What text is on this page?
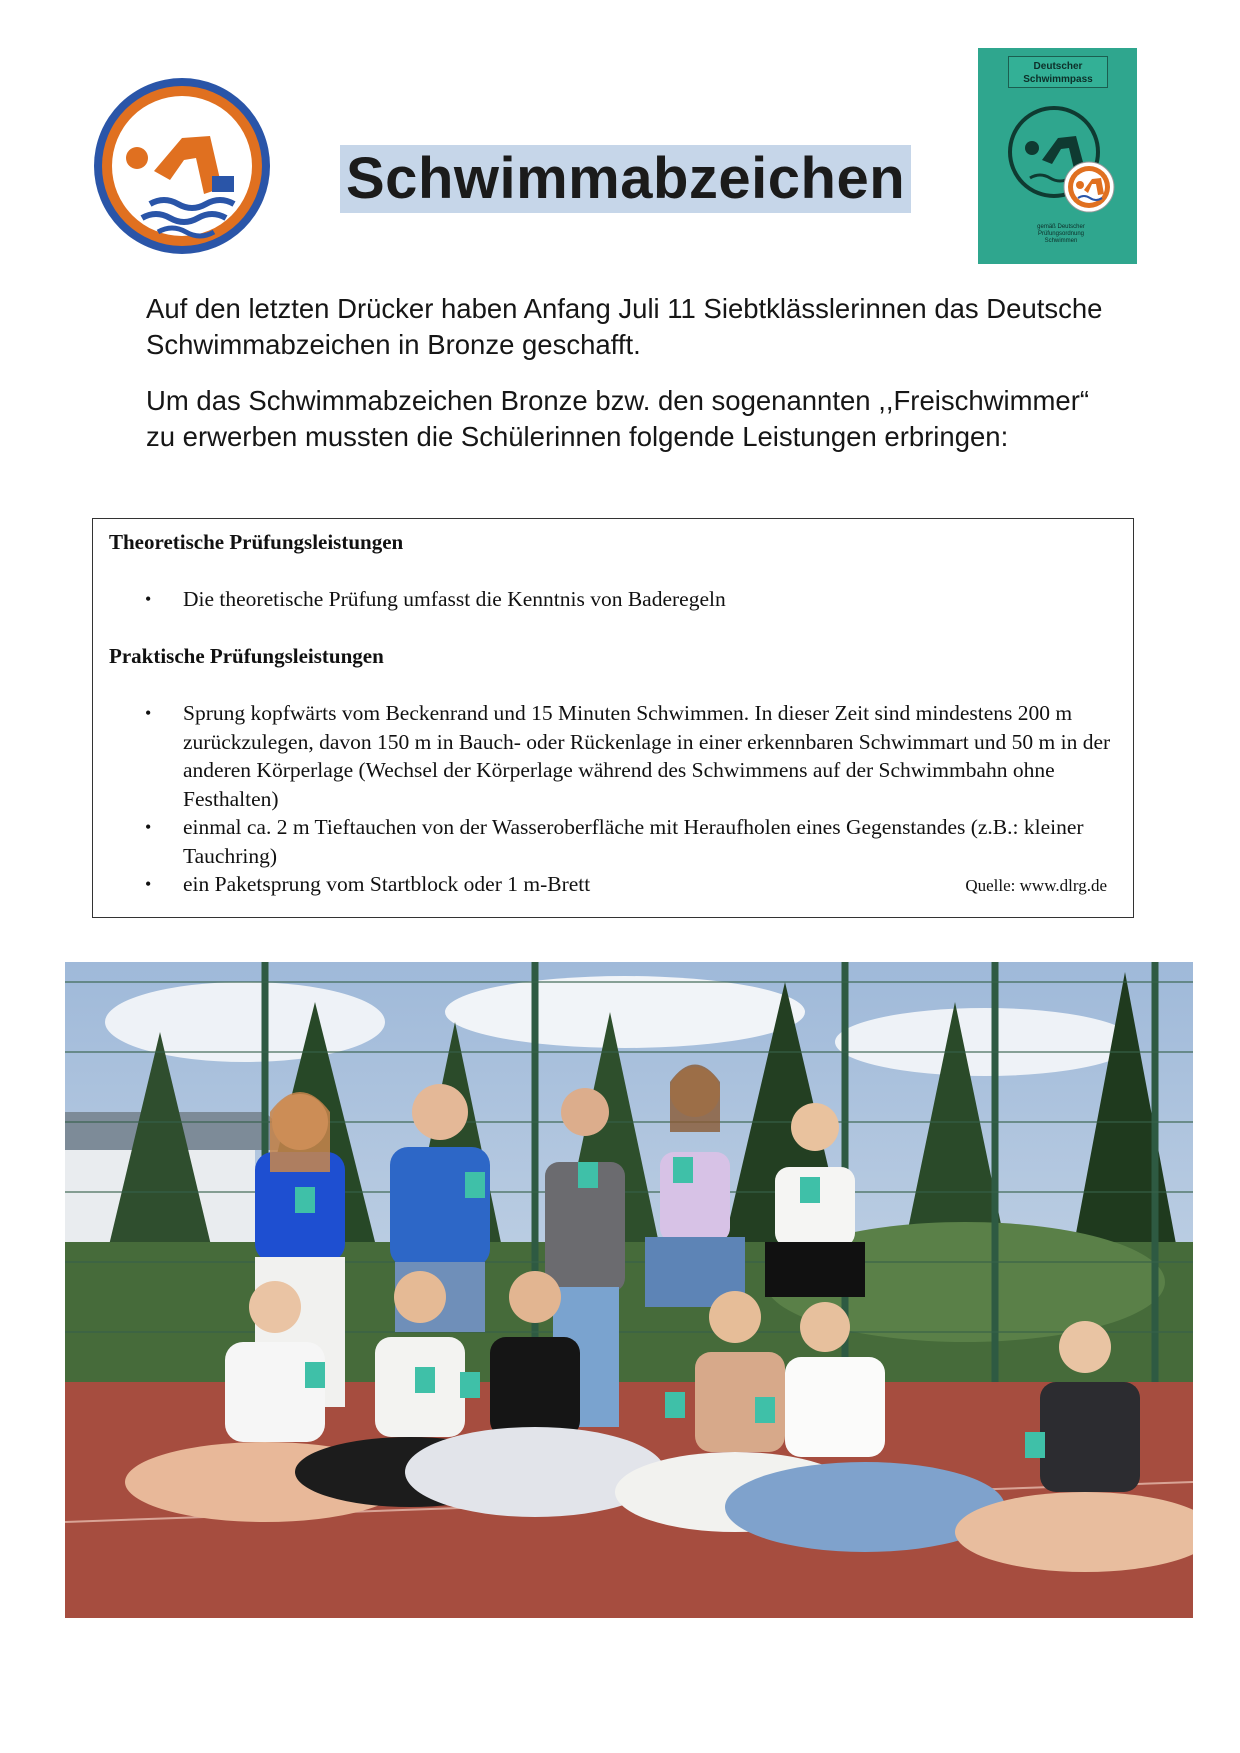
Schwimmabzeichen
Deutscher
Schwimmpass
gemäß Deutscher
Prüfungsordnung
Schwimmen
Auf den letzten Drücker haben Anfang Juli 11 Siebtklässlerinnen das Deutsche Schwimmabzeichen in Bronze geschafft.
Um das Schwimmabzeichen Bronze bzw. den sogenannten ,,Freischwimmer“ zu erwerben mussten die Schülerinnen folgende Leistungen erbringen:
Theoretische Prüfungsleistungen
• Die theoretische Prüfung umfasst die Kenntnis von Baderegeln
Praktische Prüfungsleistungen
• Sprung kopfwärts vom Beckenrand und 15 Minuten Schwimmen. In dieser Zeit sind mindestens 200 m zurückzulegen, davon 150 m in Bauch- oder Rückenlage in einer erkennbaren Schwimmart und 50 m in der anderen Körperlage (Wechsel der Körperlage während des Schwimmens auf der Schwimmbahn ohne Festhalten)
• einmal ca. 2 m Tieftauchen von der Wasseroberfläche mit Heraufholen eines Gegenstandes (z.B.: kleiner Tauchring)
• ein Paketsprung vom Startblock oder 1 m-Brett	Quelle: www.dlrg.de
